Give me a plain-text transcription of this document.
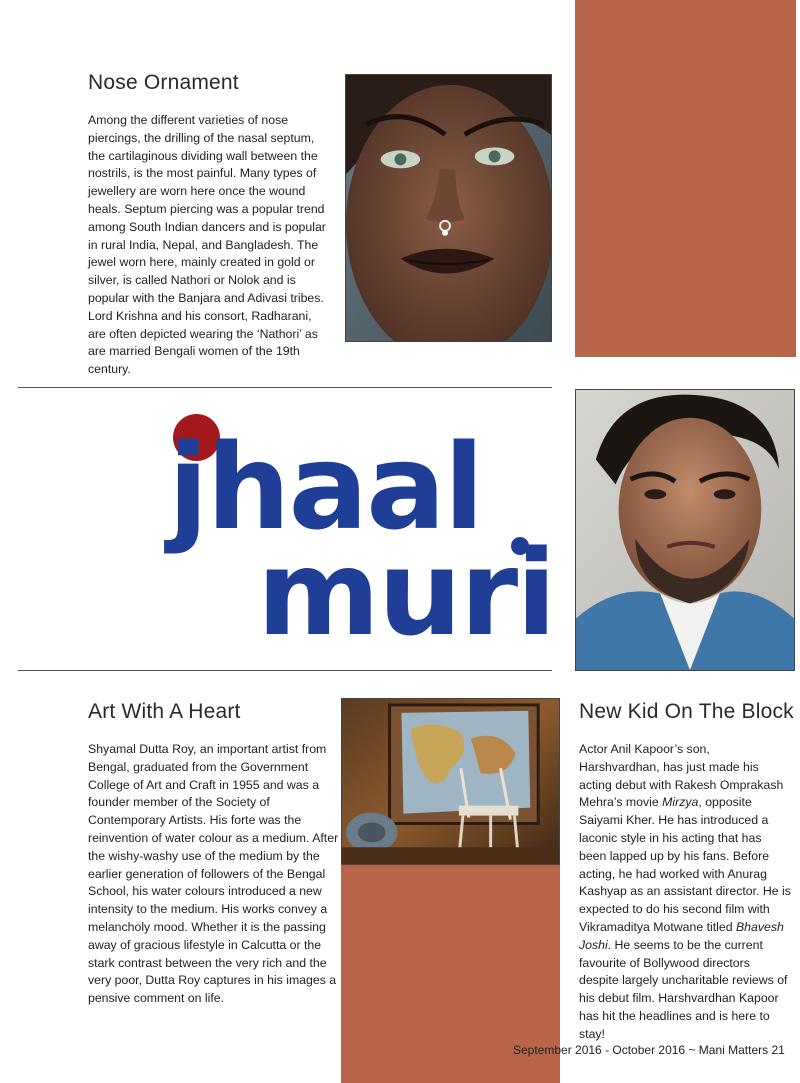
Nose Ornament

Among the different varieties of nose piercings, the drilling of the nasal septum, the cartilaginous dividing wall between the nostrils, is the most painful. Many types of jewellery are worn here once the wound heals. Septum piercing was a popular trend among South Indian dancers and is popular in rural India, Nepal, and Bangladesh. The jewel worn here, mainly created in gold or silver, is called Nathori or Nolok and is popular with the Banjara and Adivasi tribes. Lord Krishna and his consort, Radharani, are often depicted wearing the ‘Nathori’ as are married Bengali women of the 19th century.

jhaal
muri
Art With A Heart

Shyamal Dutta Roy, an important artist from Bengal, graduated from the Government College of Art and Craft in 1955 and was a founder member of the Society of Contemporary Artists. His forte was the reinvention of water colour as a medium. After the wishy-washy use of the medium by the earlier generation of followers of the Bengal School, his water colours introduced a new intensity to the medium. His works convey a melancholy mood. Whether it is the passing away of gracious lifestyle in Calcutta or the stark contrast between the very rich and the very poor, Dutta Roy captures in his images a pensive comment on life.

New Kid On The Block

Actor Anil Kapoor’s son, Harshvardhan, has just made his acting debut with Rakesh Omprakash Mehra’s movie Mirzya, opposite Saiyami Kher. He has introduced a laconic style in his acting that has been lapped up by his fans. Before acting, he had worked with Anurag Kashyap as an assistant director. He is expected to do his second film with Vikramaditya Motwane titled Bhavesh Joshi. He seems to be the current favourite of Bollywood directors despite largely uncharitable reviews of his debut film. Harshvardhan Kapoor has hit the headlines and is here to stay!

September 2016 - October 2016 ~ Mani Matters 21
